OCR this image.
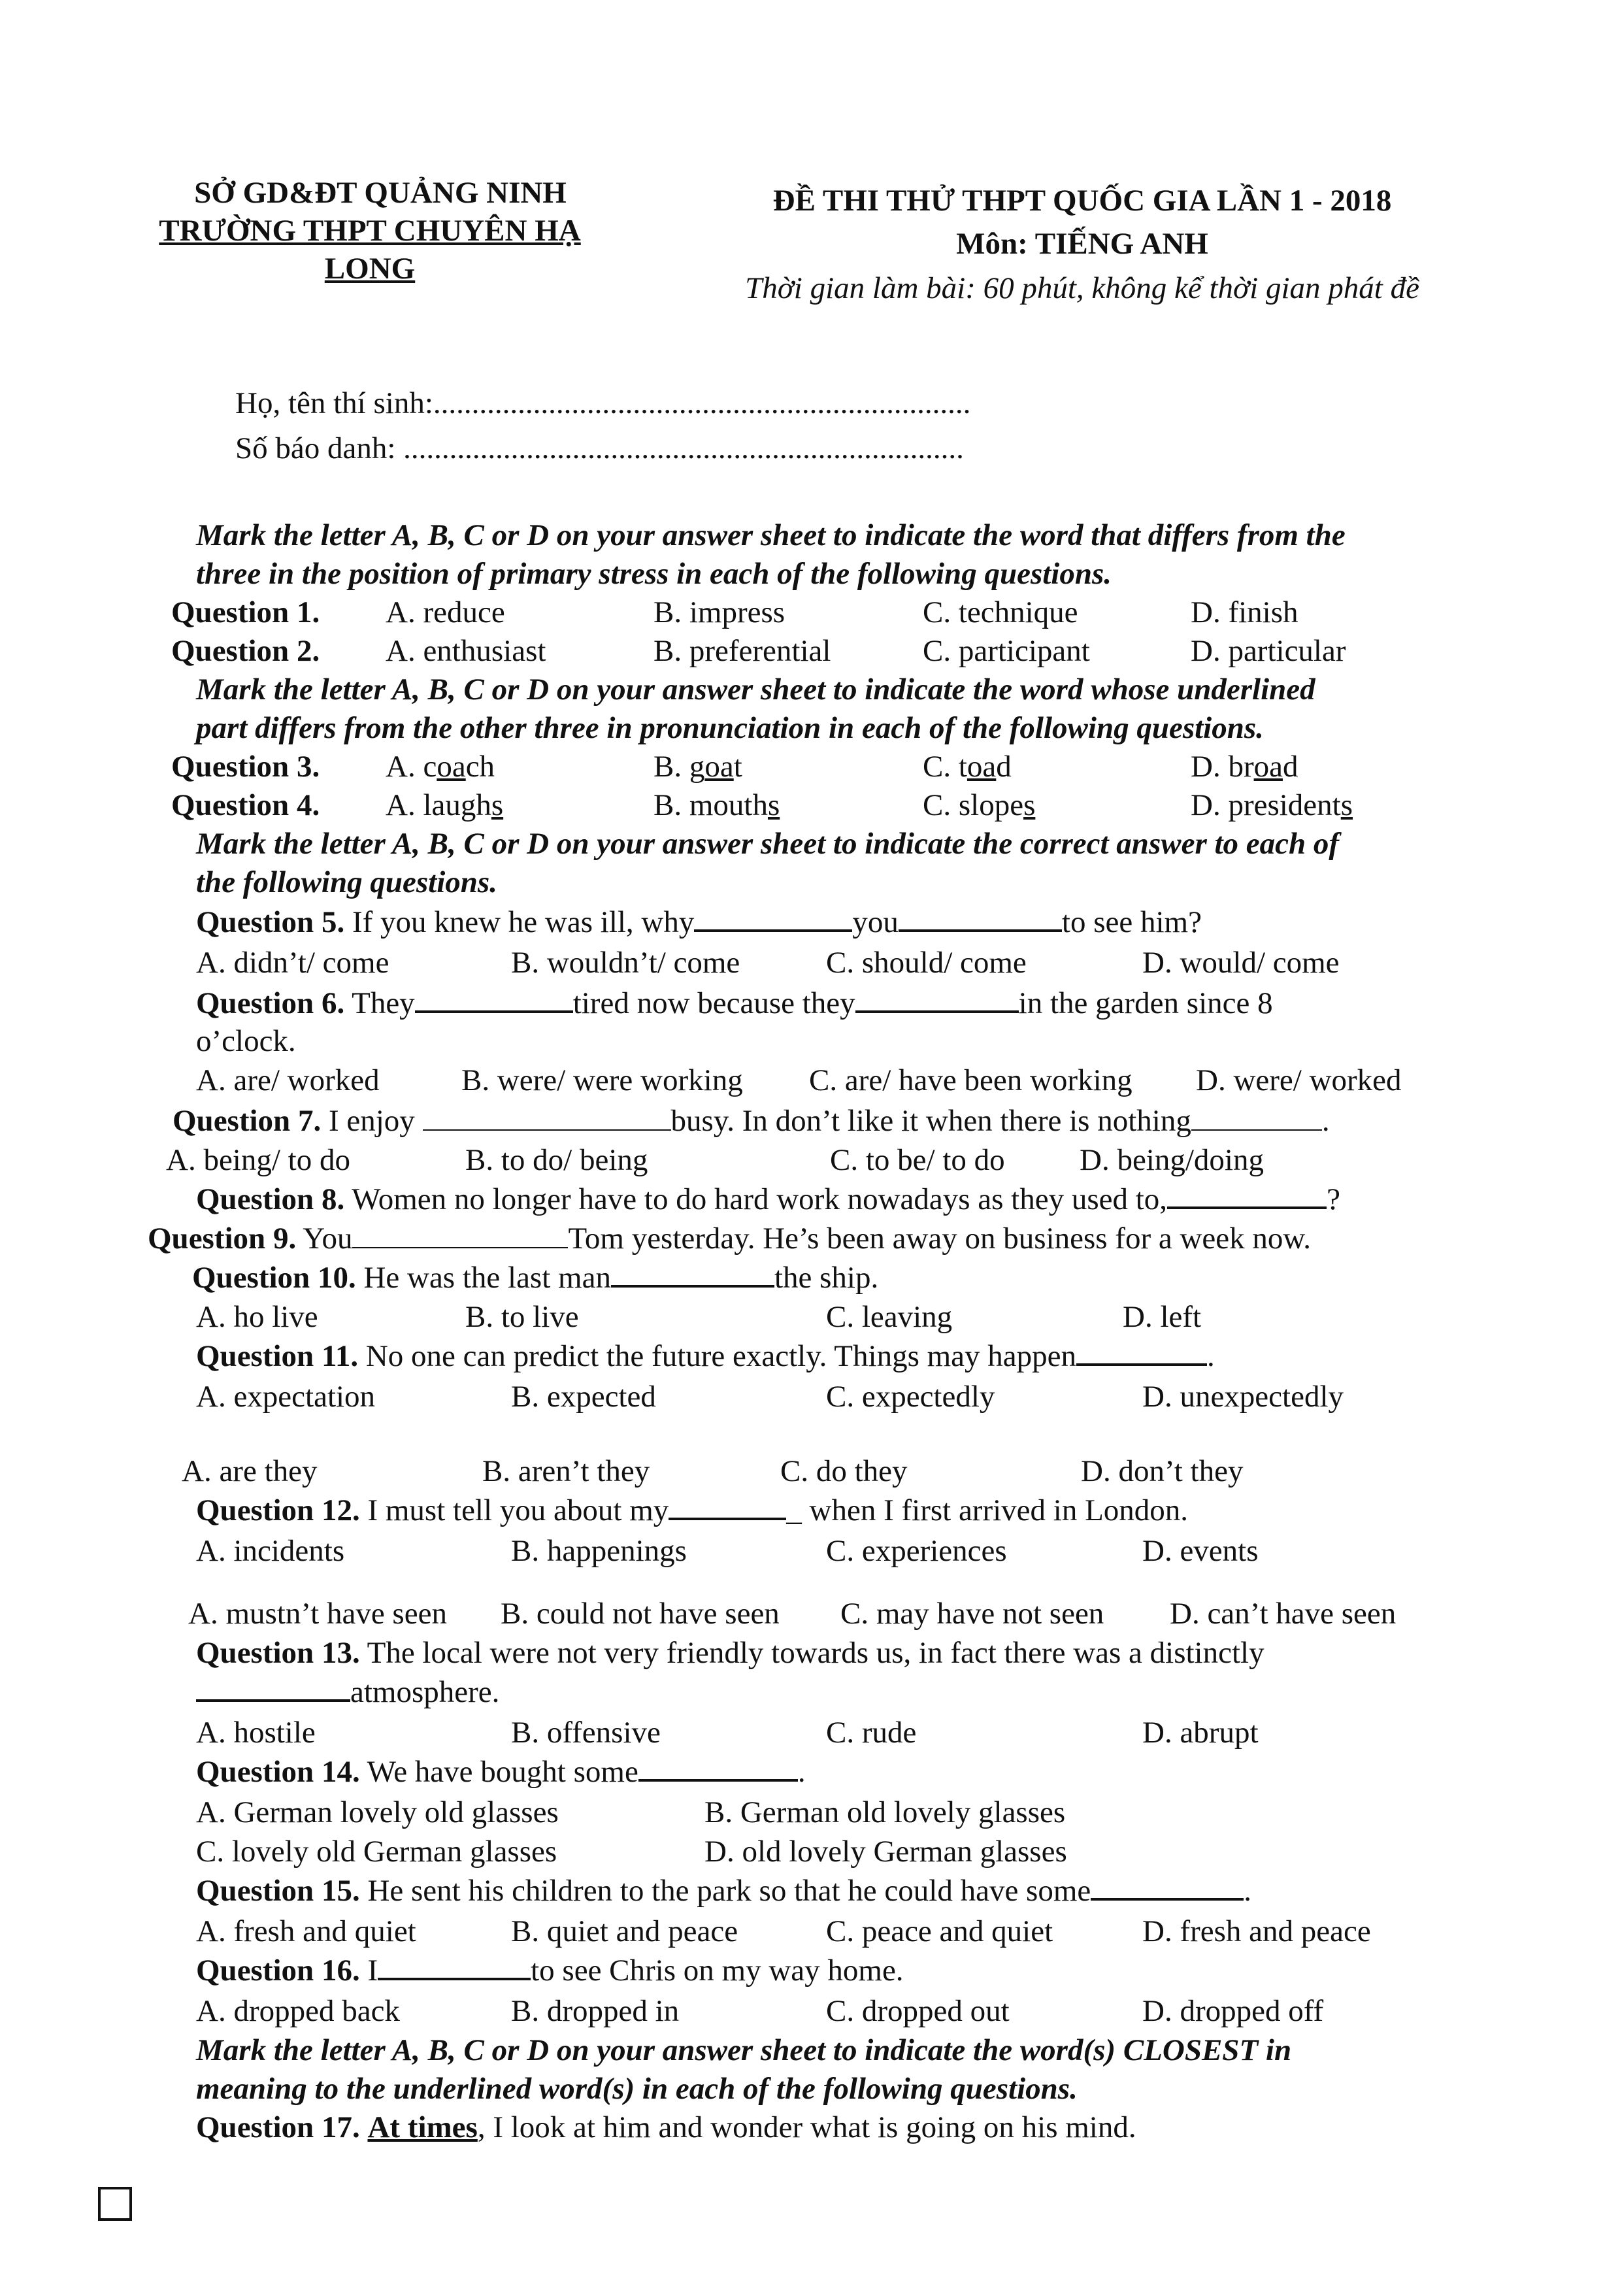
SỞ GD&ĐT QUẢNG NINH
TRƯỜNG THPT CHUYÊN HẠ
LONG
ĐỀ THI THỬ THPT QUỐC GIA LẦN 1 - 2018
Môn: TIẾNG ANH
Thời gian làm bài: 60 phút, không kể thời gian phát đề
Họ, tên thí sinh:......................................................................
Số báo danh: .........................................................................
Mark the letter A, B, C or D on your answer sheet to indicate the word that differs from the
three in the position of primary stress in each of the following questions.
Question 1. A. reduce	B. impress	C. technique	D. finish
Question 2. A. enthusiast	B. preferential	C. participant	D. particular
Mark the letter A, B, C or D on your answer sheet to indicate the word whose underlined
part differs from the other three in pronunciation in each of the following questions.
Question 3. A. coach	B. goat	C. toad	D. broad
Question 4. A. laughs	B. mouths	C. slopes	D. presidents
Mark the letter A, B, C or D on your answer sheet to indicate the correct answer to each of
the following questions.
Question 5. If you knew he was ill, why	you	to see him?
A. didn’t/ come	B. wouldn’t/ come	C. should/ come	D. would/ come
Question 6. They	tired now because they	in the garden since 8
o’clock.
A. are/ worked	B. were/ were working C. are/ have been working D. were/ worked
Question 7. I enjoy	busy. In don’t like it when there is nothing	.
A. being/ to do	B. to do/ being	C. to be/ to do D. being/doing
Question 8. Women no longer have to do hard work nowadays as they used to,	?
Question 9. You	Tom yesterday. He’s been away on business for a week now.
Question 10. He was the last man	the ship.
A. ho live	B. to live	C. leaving	D. left
Question 11. No one can predict the future exactly. Things may happen	.
A. expectation	B. expected	C. expectedly	D. unexpectedly
A. are they	B. aren’t they	C. do they	D. don’t they
Question 12. I must tell you about my	_ when I first arrived in London.
A. incidents	B. happenings	C. experiences	D. events
A. mustn’t have seen B. could not have seen C. may have not seen D. can’t have seen
Question 13. The local were not very friendly towards us, in fact there was a distinctly
atmosphere.
A. hostile	B. offensive	C. rude	D. abrupt
Question 14. We have bought some	.
A. German lovely old glasses	B. German old lovely glasses
C. lovely old German glasses	D. old lovely German glasses
Question 15. He sent his children to the park so that he could have some	.
A. fresh and quiet	B. quiet and peace	C. peace and quiet	D. fresh and peace
Question 16. I	to see Chris on my way home.
A. dropped back	B. dropped in	C. dropped out	D. dropped off
Mark the letter A, B, C or D on your answer sheet to indicate the word(s) CLOSEST in
meaning to the underlined word(s) in each of the following questions.
Question 17. At times, I look at him and wonder what is going on his mind.
